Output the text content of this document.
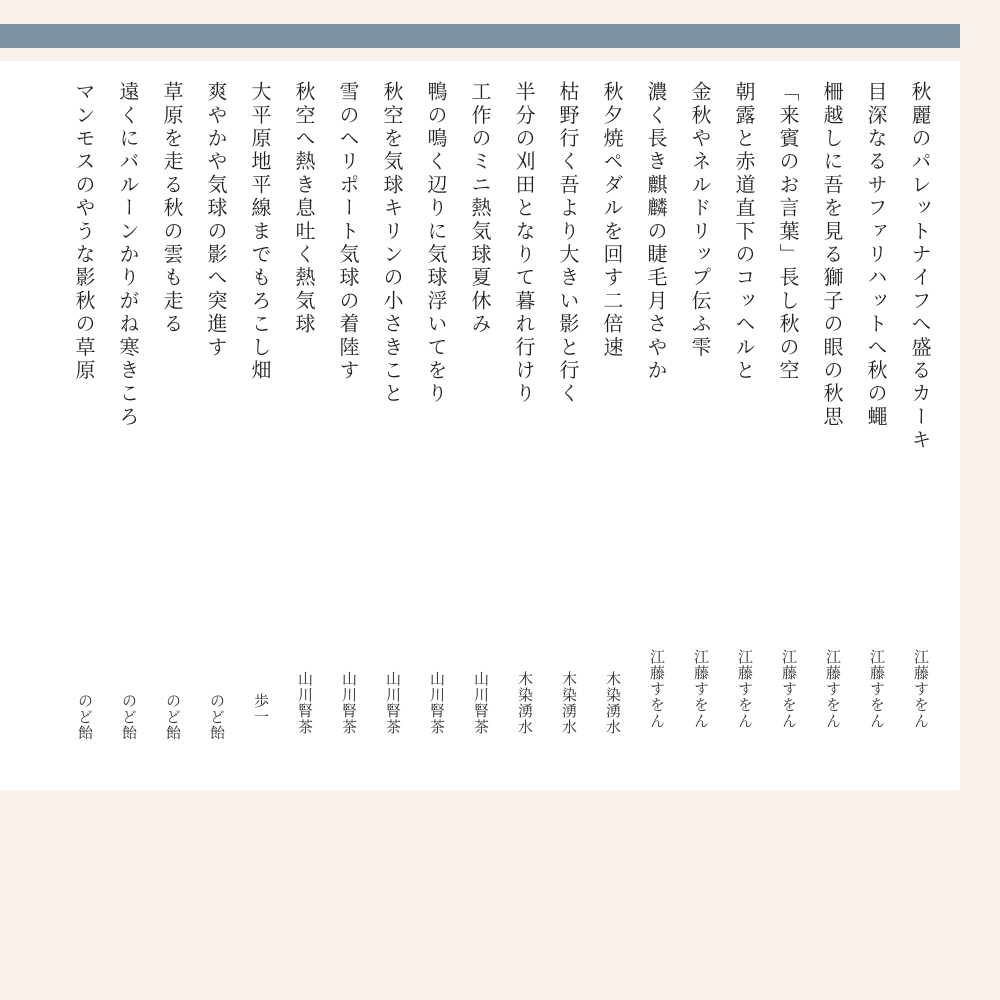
秋麗のパレットナイフへ盛るカーキ
江藤すをん
目深なるサファリハットへ秋の蠅
江藤すをん
柵越しに吾を見る獅子の眼の秋思
江藤すをん
「来賓のお言葉」長し秋の空
江藤すをん
朝露と赤道直下のコッヘルと
江藤すをん
金秋やネルドリップ伝ふ雫
江藤すをん
濃く長き麒麟の睫毛月さやか
江藤すをん
秋夕焼ペダルを回す二倍速
木染湧水
枯野行く吾より大きい影と行く
木染湧水
半分の刈田となりて暮れ行けり
木染湧水
工作のミニ熱気球夏休み
山川腎茶
鴨の鳴く辺りに気球浮いてをり
山川腎茶
秋空を気球キリンの小さきこと
山川腎茶
雪のヘリポート気球の着陸す
山川腎茶
秋空へ熱き息吐く熱気球
山川腎茶
大平原地平線までもろこし畑
歩一
爽やかや気球の影へ突進す
のど飴
草原を走る秋の雲も走る
のど飴
遠くにバルーンかりがね寒きころ
のど飴
マンモスのやうな影秋の草原
のど飴
